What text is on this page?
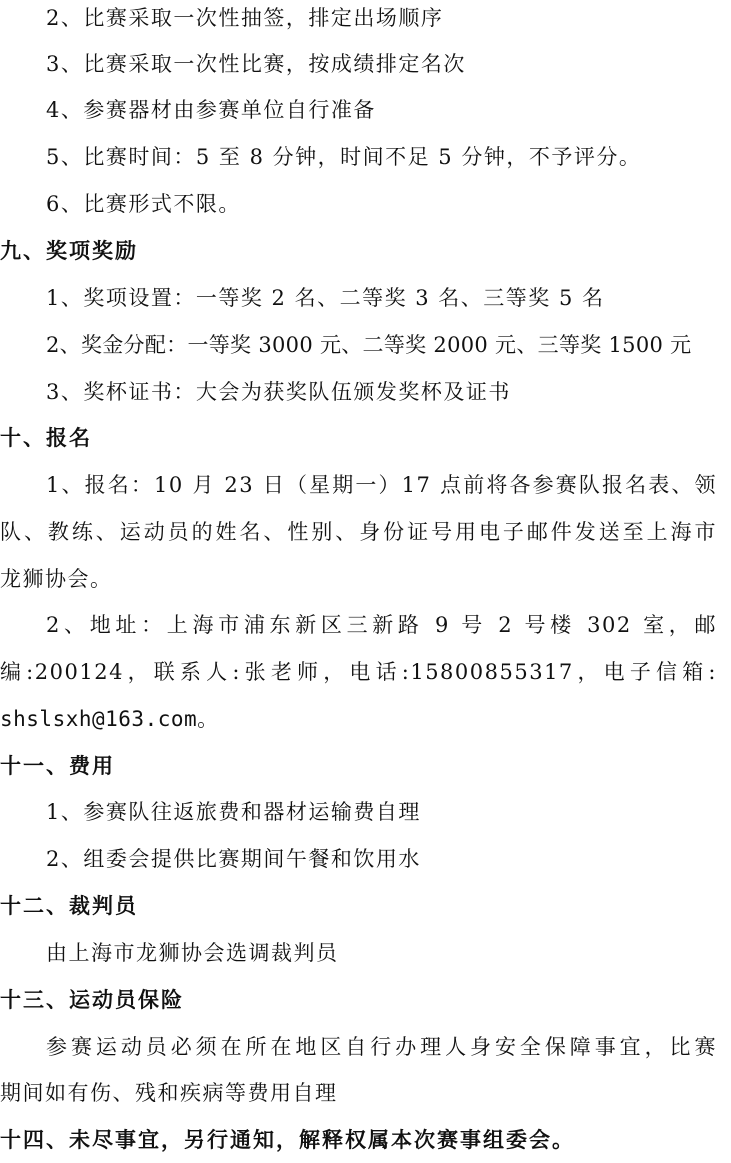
2、比赛采取一次性抽签，排定出场顺序
3、比赛采取一次性比赛，按成绩排定名次
4、参赛器材由参赛单位自行准备
5、比赛时间：5 至 8 分钟，时间不足 5 分钟，不予评分。
6、比赛形式不限。
九、奖项奖励
1、奖项设置：一等奖 2 名、二等奖 3 名、三等奖 5 名
2、奖金分配：一等奖 3000 元、二等奖 2000 元、三等奖 1500 元
3、奖杯证书：大会为获奖队伍颁发奖杯及证书
十、报名
1、报名：10 月 23 日（星期一）17 点前将各参赛队报名表、领
队、教练、运动员的姓名、性别、身份证号用电子邮件发送至上海市
龙狮协会。
2、地址：上海市浦东新区三新路 9 号 2 号楼 302 室，邮
编:200124，联系人:张老师，电话:15800855317，电子信箱:
shslsxh@163.com。
十一、费用
1、参赛队往返旅费和器材运输费自理
2、组委会提供比赛期间午餐和饮用水
十二、裁判员
由上海市龙狮协会选调裁判员
十三、运动员保险
参赛运动员必须在所在地区自行办理人身安全保障事宜，比赛
期间如有伤、残和疾病等费用自理
十四、未尽事宜，另行通知，解释权属本次赛事组委会。
